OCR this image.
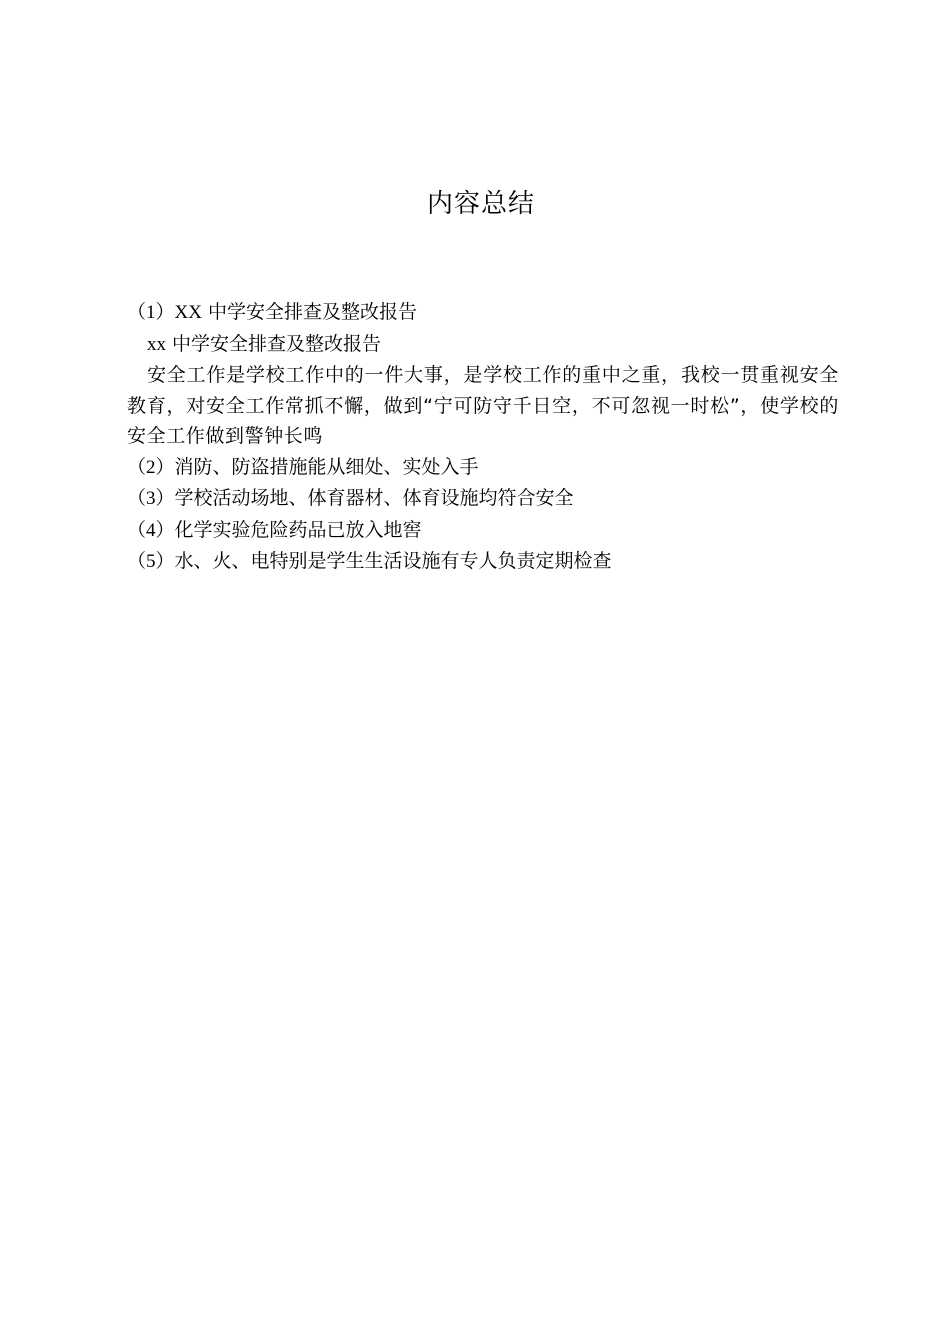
内容总结
（1）XX 中学安全排查及整改报告
xx 中学安全排查及整改报告
安全工作是学校工作中的一件大事，是学校工作的重中之重，我校一贯重视安全教育，对安全工作常抓不懈，做到“宁可防守千日空，不可忽视一时松”，使学校的安全工作做到警钟长鸣
（2）消防、防盗措施能从细处、实处入手
（3）学校活动场地、体育器材、体育设施均符合安全
（4）化学实验危险药品已放入地窖
（5）水、火、电特别是学生生活设施有专人负责定期检查
